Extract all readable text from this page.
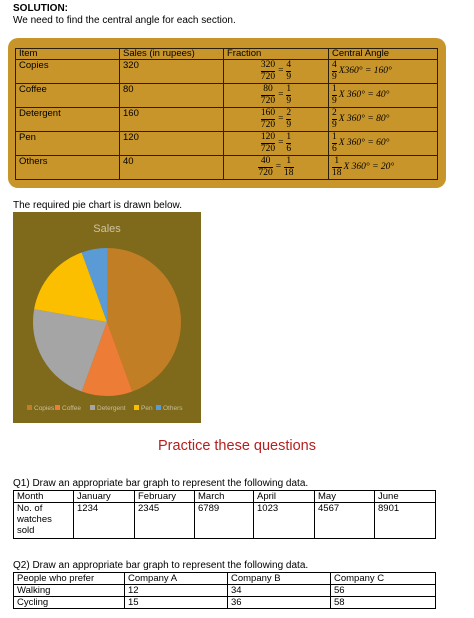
SOLUTION:
We need to find the central angle for each section.
Item	Sales (in rupees)	Fraction	Central Angle
Copies	320	$\frac{320}{720} = \frac{4}{9}$	$\frac{4}{9} X360^\circ = 160^\circ$

Coffee	80	$\frac{80}{720} = \frac{1}{9}$	$\frac{1}{9}$ X 360° = 40°

Detergent	160	$\frac{160}{720} = \frac{2}{9}$	$\frac{2}{9}$ X 360° = 80°

Pen	120	$\frac{120}{720} = \frac{1}{6}$	$\frac{1}{6}$ X 360° = 60°

Others	40	$\frac{40}{720} = \frac{1}{18}$	$\frac{1}{18}$ X 360° = 20°
The required pie chart is drawn below.
Sales
Copies Coffee Detergent Pen Others
Practice these questions
Q1) Draw an appropriate bar graph to represent the following data.
Month	January	February	March	April	May	June
No. of watches sold	1234	2345	6789	1023	4567	8901
Q2) Draw an appropriate bar graph to represent the following data.
People who prefer	Company A	Company B	Company C
Walking	12	34	56
Cycling	15	36	58
